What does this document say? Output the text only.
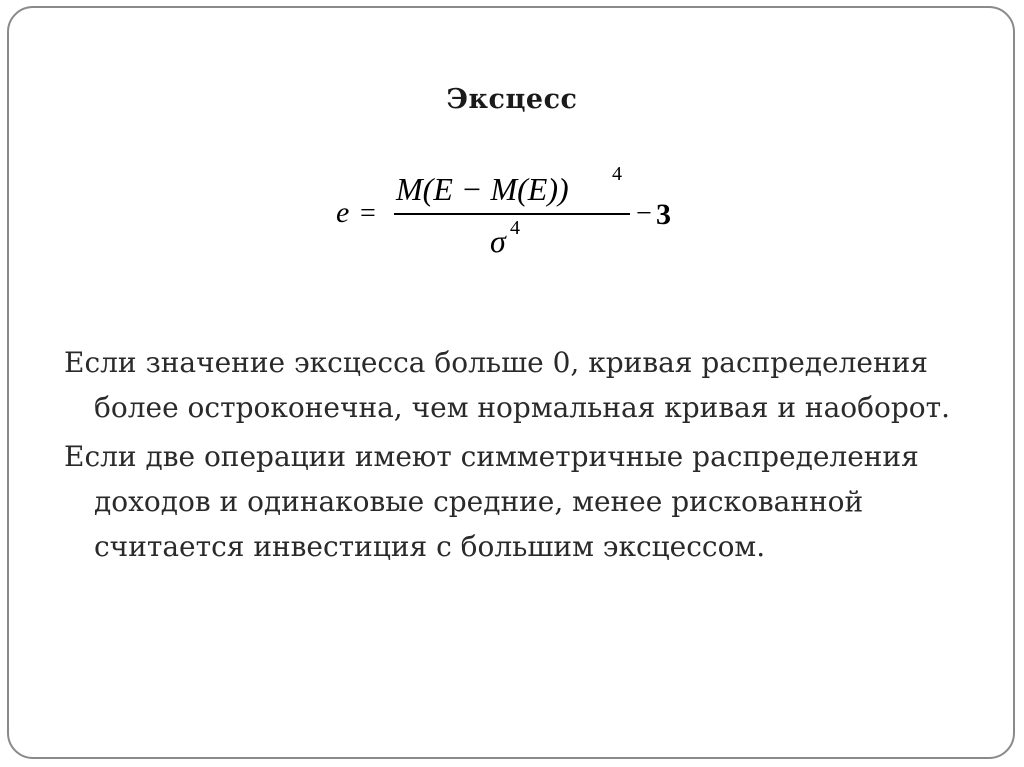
Эксцесс
e =
M(E − M(E)) 4
σ 4	− 3

Если значение эксцесса больше 0, кривая распределения более остроконечна, чем нормальная кривая и наоборот.

Если две операции имеют симметричные распределения доходов и одинаковые средние, менее рискованной считается инвестиция с большим эксцессом.
